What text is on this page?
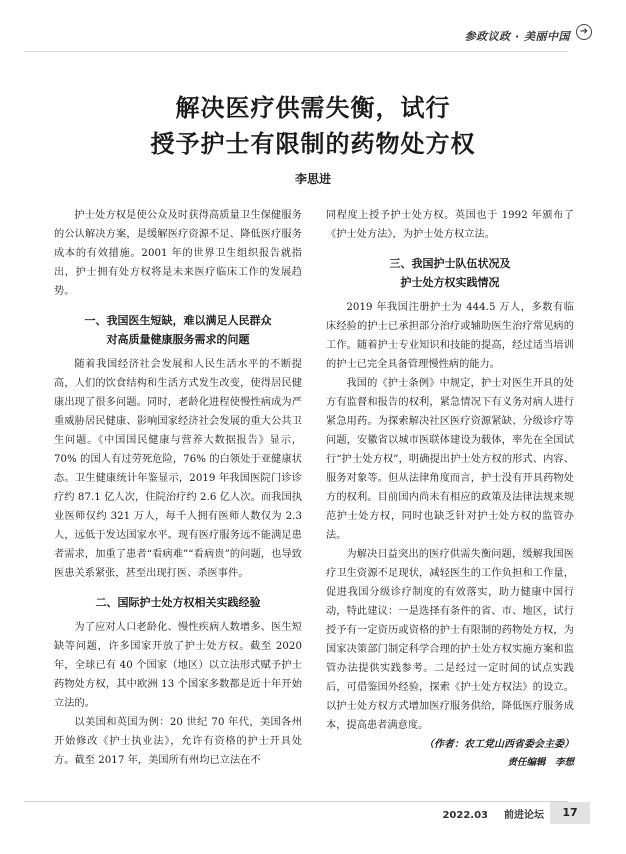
参政议政 · 美丽中国 ➜
解决医疗供需失衡，试行
授予护士有限制的药物处方权
李思进

护士处方权是使公众及时获得高质量卫生保健服务的公认解决方案，是缓解医疗资源不足、降低医疗服务成本的有效措施。2001 年的世界卫生组织报告就指出，护士拥有处方权将是未来医疗临床工作的发展趋势。

一、我国医生短缺，难以满足人民群众
对高质量健康服务需求的问题

随着我国经济社会发展和人民生活水平的不断提高，人们的饮食结构和生活方式发生改变，使得居民健康出现了很多问题。同时，老龄化进程使慢性病成为严重威胁居民健康、影响国家经济社会发展的重大公共卫生问题。《中国国民健康与营养大数据报告》显示，70% 的国人有过劳死危险，76% 的白领处于亚健康状态。卫生健康统计年鉴显示，2019 年我国医院门诊诊疗约 87.1 亿人次，住院治疗约 2.6 亿人次。而我国执业医师仅约 321 万人，每千人拥有医师人数仅为 2.3 人，远低于发达国家水平。现有医疗服务远不能满足患者需求，加重了患者“看病难”“看病贵”的问题，也导致医患关系紧张，甚至出现打医、杀医事件。

二、国际护士处方权相关实践经验

为了应对人口老龄化、慢性疾病人数增多、医生短缺等问题，许多国家开放了护士处方权。截至 2020 年，全球已有 40 个国家（地区）以立法形式赋予护士药物处方权，其中欧洲 13 个国家多数都是近十年开始立法的。

以美国和英国为例：20 世纪 70 年代，美国各州开始修改《护士执业法》，允许有资格的护士开具处方。截至 2017 年，美国所有州均已立法在不

同程度上授予护士处方权。英国也于 1992 年颁布了《护士处方法》，为护士处方权立法。

三、我国护士队伍状况及
护士处方权实践情况

2019 年我国注册护士为 444.5 万人，多数有临床经验的护士已承担部分治疗或辅助医生治疗常见病的工作。随着护士专业知识和技能的提高，经过适当培训的护士已完全具备管理慢性病的能力。

我国的《护士条例》中规定，护士对医生开具的处方有监督和报告的权利，紧急情况下有义务对病人进行紧急用药。为探索解决社区医疗资源紧缺、分级诊疗等问题，安徽省以城市医联体建设为载体，率先在全国试行“护士处方权”，明确提出护士处方权的形式、内容、服务对象等。但从法律角度而言，护士没有开具药物处方的权利。目前国内尚未有相应的政策及法律法规来规范护士处方权，同时也缺乏针对护士处方权的监管办法。

为解决日益突出的医疗供需失衡问题，缓解我国医疗卫生资源不足现状，减轻医生的工作负担和工作量，促进我国分级诊疗制度的有效落实，助力健康中国行动，特此建议：一是选择有条件的省、市、地区，试行授予有一定资历或资格的护士有限制的药物处方权，为国家决策部门制定科学合理的护士处方权实施方案和监管办法提供实践参考。二是经过一定时间的试点实践后，可借鉴国外经验，探索《护士处方权法》的设立。以护士处方权方式增加医疗服务供给，降低医疗服务成本，提高患者满意度。

（作者：农工党山西省委会主委）

责任编辑　李想

2022.03 前进论坛	17
